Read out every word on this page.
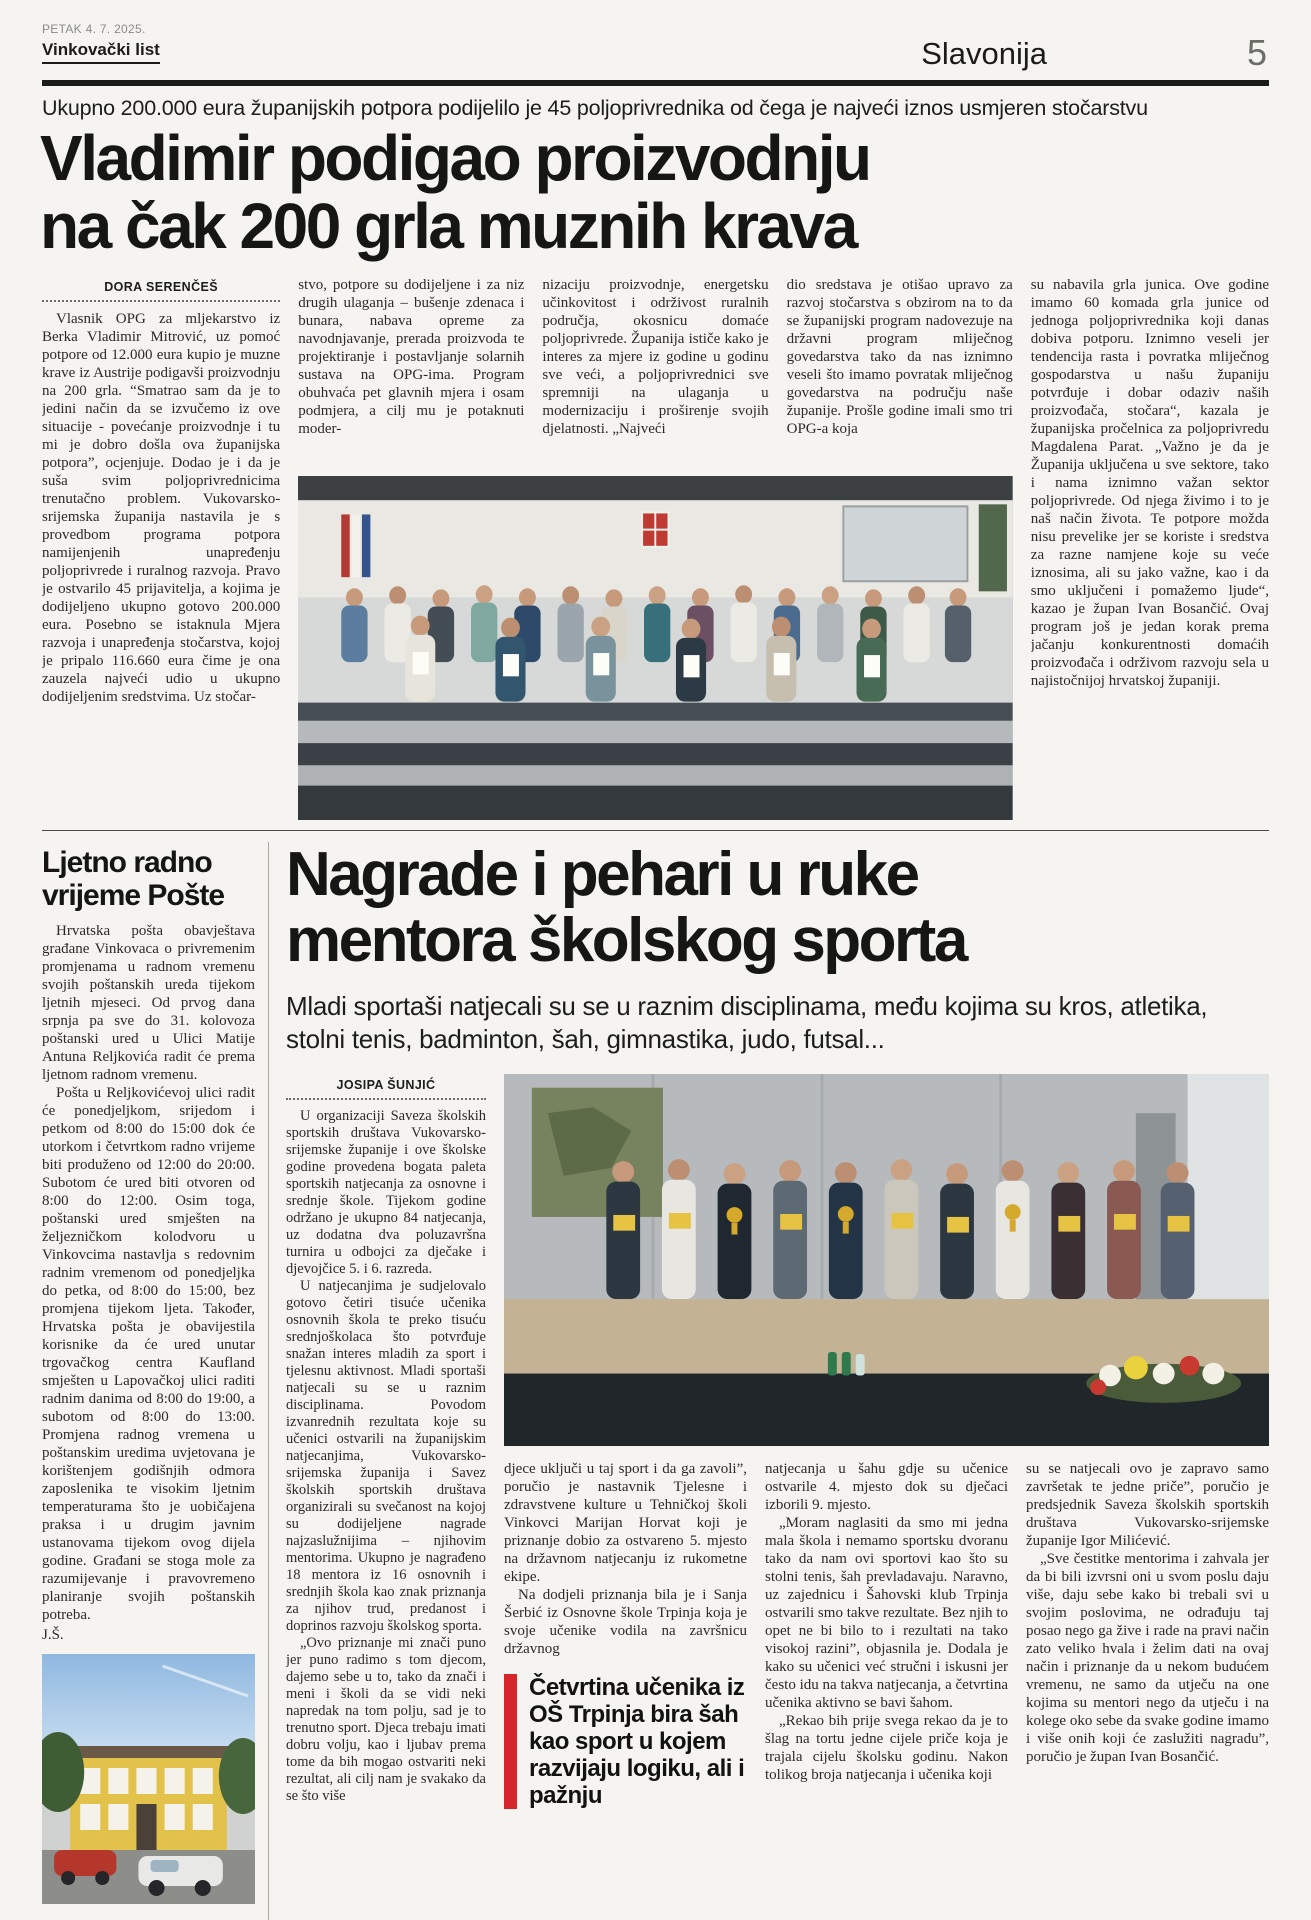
PETAK 4. 7. 2025.
Vinkovački list	Slavonija	5
Ukupno 200.000 eura županijskih potpora podijelilo je 45 poljoprivrednika od čega je najveći iznos usmjeren stočarstvu
Vladimir podigao proizvodnju
na čak 200 grla muznih krava
DORA SERENČEŠ

Vlasnik OPG za mljekarstvo iz Berka Vladimir Mitrović, uz pomoć potpore od 12.000 eura kupio je muzne krave iz Austrije podigavši proizvodnju na 200 grla. “Smatrao sam da je to jedini način da se izvučemo iz ove situacije - povećanje proizvodnje i tu mi je dobro došla ova županijska potpora”, ocjenjuje. Dodao je i da je suša svim poljoprivrednicima trenutačno problem. Vukovarsko-srijemska županija nastavila je s provedbom programa potpora namijenjenih unapređenju poljoprivrede i ruralnog razvoja. Pravo je ostvarilo 45 prijavitelja, a kojima je dodijeljeno ukupno gotovo 200.000 eura. Posebno se istaknula Mjera razvoja i unapređenja stočarstva, kojoj je pripalo 116.660 eura čime je ona zauzela najveći udio u ukupno dodijeljenim sredstvima. Uz stočar-

stvo, potpore su dodijeljene i za niz drugih ulaganja – bušenje zdenaca i bunara, nabava opreme za navodnjavanje, prerada proizvoda te projektiranje i postavljanje solarnih sustava na OPG-ima. Program obuhvaća pet glavnih mjera i osam podmjera, a cilj mu je potaknuti moder-

nizaciju proizvodnje, energetsku učinkovitost i održivost ruralnih područja, okosnicu domaće poljoprivrede. Županija ističe kako je interes za mjere iz godine u godinu sve veći, a poljoprivrednici sve spremniji na ulaganja u modernizaciju i proširenje svojih djelatnosti. „Najveći

dio sredstava je otišao upravo za razvoj stočarstva s obzirom na to da se županijski program nadovezuje na državni program mliječnog govedarstva tako da nas iznimno veseli što imamo povratak mliječnog govedarstva na području naše županije. Prošle godine imali smo tri OPG-a koja

su nabavila grla junica. Ove godine imamo 60 komada grla junice od jednoga poljoprivrednika koji danas dobiva potporu. Iznimno veseli jer tendencija rasta i povratka mliječnog gospodarstva u našu županiju potvrđuje i dobar odaziv naših proizvođača, stočara“, kazala je županijska pročelnica za poljoprivredu Magdalena Parat. „Važno je da je Županija uključena u sve sektore, tako i nama iznimno važan sektor poljoprivrede. Od njega živimo i to je naš način života. Te potpore možda nisu prevelike jer se koriste i sredstva za razne namjene koje su veće iznosima, ali su jako važne, kao i da smo uključeni i pomažemo ljude“, kazao je župan Ivan Bosančić. Ovaj program još je jedan korak prema jačanju konkurentnosti domaćih proizvođača i održivom razvoju sela u najistočnijoj hrvatskoj županiji.

Ljetno radno vrijeme Pošte

Hrvatska pošta obavještava građane Vinkovaca o privremenim promjenama u radnom vremenu svojih poštanskih ureda tijekom ljetnih mjeseci. Od prvog dana srpnja pa sve do 31. kolovoza poštanski ured u Ulici Matije Antuna Reljkovića radit će prema ljetnom radnom vremenu.

Pošta u Reljkovićevoj ulici radit će ponedjeljkom, srijedom i petkom od 8:00 do 15:00 dok će utorkom i četvrtkom radno vrijeme biti produženo od 12:00 do 20:00. Subotom će ured biti otvoren od 8:00 do 12:00. Osim toga, poštanski ured smješten na željezničkom kolodvoru u Vinkovcima nastavlja s redovnim radnim vremenom od ponedjeljka do petka, od 8:00 do 15:00, bez promjena tijekom ljeta. Također, Hrvatska pošta je obavijestila korisnike da će ured unutar trgovačkog centra Kaufland smješten u Lapovačkoj ulici raditi radnim danima od 8:00 do 19:00, a subotom od 8:00 do 13:00. Promjena radnog vremena u poštanskim uredima uvjetovana je korištenjem godišnjih odmora zaposlenika te visokim ljetnim temperaturama što je uobičajena praksa i u drugim javnim ustanovama tijekom ovog dijela godine. Građani se stoga mole za razumijevanje i pravovremeno planiranje svojih poštanskih potreba.

J.Š.

Nagrade i pehari u ruke
mentora školskog sporta
Mladi sportaši natjecali su se u raznim disciplinama, među kojima su kros, atletika, stolni tenis, badminton, šah, gimnastika, judo, futsal...
JOSIPA ŠUNJIĆ

U organizaciji Saveza školskih sportskih društava Vukovarsko-srijemske županije i ove školske godine provedena bogata paleta sportskih natjecanja za osnovne i srednje škole. Tijekom godine održano je ukupno 84 natjecanja, uz dodatna dva poluzavršna turnira u odbojci za dječake i djevojčice 5. i 6. razreda.

U natjecanjima je sudjelovalo gotovo četiri tisuće učenika osnovnih škola te preko tisuću srednjoškolaca što potvrđuje snažan interes mladih za sport i tjelesnu aktivnost. Mladi sportaši natjecali su se u raznim disciplinama. Povodom izvanrednih rezultata koje su učenici ostvarili na županijskim natjecanjima, Vukovarsko-srijemska županija i Savez školskih sportskih društava organizirali su svečanost na kojoj su dodijeljene nagrade najzaslužnijima – njihovim mentorima. Ukupno je nagrađeno 18 mentora iz 16 osnovnih i srednjih škola kao znak priznanja za njihov trud, predanost i doprinos razvoju školskog sporta.

„Ovo priznanje mi znači puno jer puno radimo s tom djecom, dajemo sebe u to, tako da znači i meni i školi da se vidi neki napredak na tom polju, sad je to trenutno sport. Djeca trebaju imati dobru volju, kao i ljubav prema tome da bih mogao ostvariti neki rezultat, ali cilj nam je svakako da se što više

djece uključi u taj sport i da ga zavoli”, poručio je nastavnik Tjelesne i zdravstvene kulture u Tehničkoj školi Vinkovci Marijan Horvat koji je priznanje dobio za ostvareno 5. mjesto na državnom natjecanju iz rukometne ekipe.

Na dodjeli priznanja bila je i Sanja Šerbić iz Osnovne škole Trpinja koja je svoje učenike vodila na završnicu državnog

Četvrtina učenika iz OŠ Trpinja bira šah kao sport u kojem razvijaju logiku, ali i pažnju

natjecanja u šahu gdje su učenice ostvarile 4. mjesto dok su dječaci izborili 9. mjesto.

„Moram naglasiti da smo mi jedna mala škola i nemamo sportsku dvoranu tako da nam ovi sportovi kao što su stolni tenis, šah prevladavaju. Naravno, uz zajednicu i Šahovski klub Trpinja ostvarili smo takve rezultate. Bez njih to opet ne bi bilo to i rezultati na tako visokoj razini”, objasnila je. Dodala je kako su učenici već stručni i iskusni jer često idu na takva natjecanja, a četvrtina učenika aktivno se bavi šahom.

„Rekao bih prije svega rekao da je to šlag na tortu jedne cijele priče koja je trajala cijelu školsku godinu. Nakon tolikog broja natjecanja i učenika koji

su se natjecali ovo je zapravo samo završetak te jedne priče”, poručio je predsjednik Saveza školskih sportskih društava Vukovarsko-srijemske županije Igor Milićević.

„Sve čestitke mentorima i zahvala jer da bi bili izvrsni oni u svom poslu daju više, daju sebe kako bi trebali svi u svojim poslovima, ne odrađuju taj posao nego ga žive i rade na pravi način zato veliko hvala i želim dati na ovaj način i priznanje da u nekom budućem vremenu, ne samo da utječu na one kojima su mentori nego da utječu i na kolege oko sebe da svake godine imamo i više onih koji će zaslužiti nagradu”, poručio je župan Ivan Bosančić.
